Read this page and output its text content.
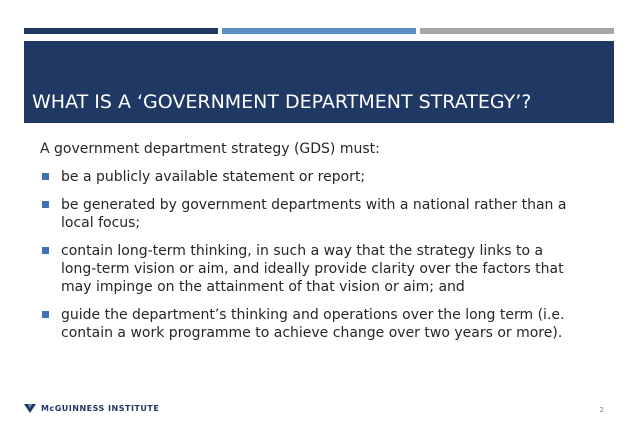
WHAT IS A ‘GOVERNMENT DEPARTMENT STRATEGY’?

A government department strategy (GDS) must:

be a publicly available statement or report;
be generated by government departments with a national rather than a local focus;
contain long-term thinking, in such a way that the strategy links to a long-term vision or aim, and ideally provide clarity over the factors that may impinge on the attainment of that vision or aim; and
guide the department’s thinking and operations over the long term (i.e. contain a work programme to achieve change over two years or more).
McGUINNESS INSTITUTE	2
